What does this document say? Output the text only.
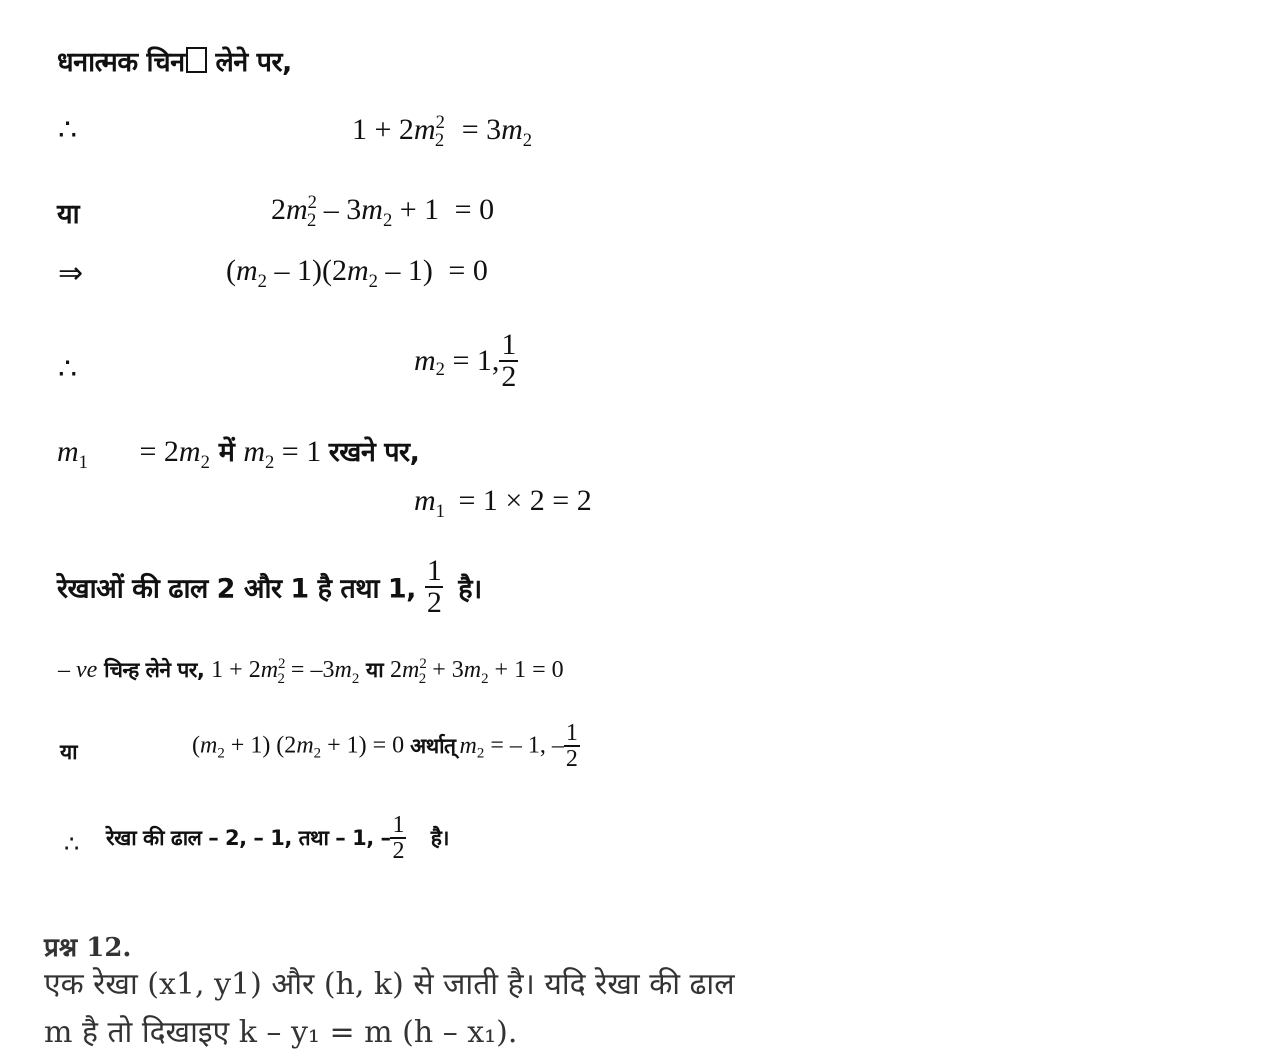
धनात्मक चिन लेने पर,
∴	$1 + 2m^2_2 = 3m_2$
या	$2m^2_2 - 3m_2 + 1 = 0$
⇒	$(m_2 - 1)(2m_2 - 1) = 0$
∴	$m_2 = 1$, $\frac{1}{2}$
$m_1 = 2m_2$ में $m_2 = 1$ रखने पर,
$m_1 = 1 \times 2 = 2$
रेखाओं की ढाल 2 और 1 है तथा 1, $\frac{1}{2}$ है।
– ve चिन्ह लेने पर, $1 + 2m^2_2 = -3m_2$ या $2m^2_2 + 3m_2 + 1 = 0$
या	$(m_2 + 1) (2m_2 + 1) = 0$ अर्थात् $m_2$ = – 1, – $\frac{1}{2}$
∴ रेखा की ढाल – 2, – 1, तथा – 1, – $\frac{1}{2}$ है।
प्रश्न 12.
एक रेखा (x1, y1) और (h, k) से जाती है। यदि रेखा की ढाल
m है तो दिखाइए k – y₁ = m (h – x₁).
